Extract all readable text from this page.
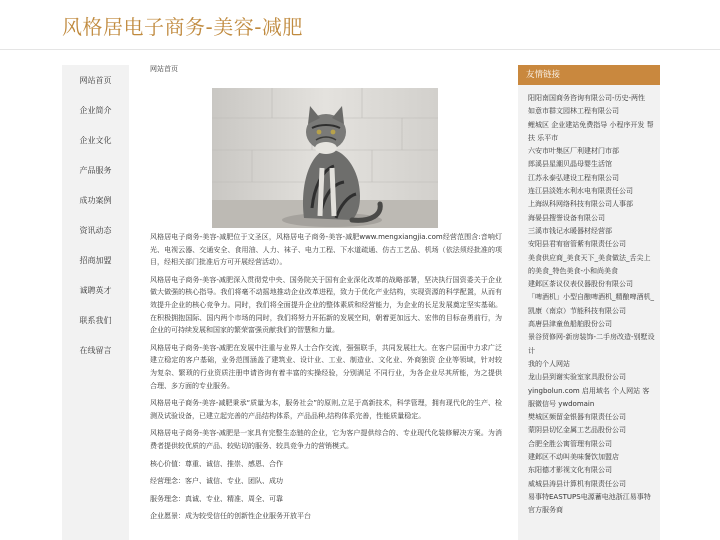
风格居电子商务-美容-减肥
网站首页
企业简介
企业文化
产品服务
成功案例
资讯动态
招商加盟
诚聘英才
联系我们
在线留言
网站首页

风格居电子商务-美容-减肥位于文圣区，风格居电子商务-美容-减肥www.mengxiangjia.com经营范围含:音响灯光、电视云器、交通安全、食用油、人力、袜子、电力工程、下水道疏通、仿古工艺品、机场（依法须经批准的项目，经相关部门批准后方可开展经营活动）。

风格居电子商务-美容-减肥深入贯彻党中央、国务院关于国有企业深化改革的战略部署，坚决执行国资委关于企业做大做强的核心指导。我们将毫不动摇地推动企业改革进程，致力于优化产业结构，实现资源的科学配置，从而有效提升企业的核心竞争力。同时，我们将全面提升企业的整体素质和经营能力，为企业的长足发展奠定坚实基础。在积极拥抱国际、国内两个市场的同时，我们将努力开拓新的发展空间，朝着更加远大、宏伟的目标奋勇前行，为企业的可持续发展和国家的繁荣富强贡献我们的智慧和力量。

风格居电子商务-美容-减肥在发展中注重与业界人士合作交流，强强联手，共同发展壮大。在客户层面中力求广泛建立稳定的客户基础，业务范围涵盖了建筑业、设计业、工业、制造业、文化业、外商独资 企业等领域，针对较为复杂、繁琐的行业资质注册申请咨询有着丰富的实操经验，分别满足 不同行业，为各企业尽其所能，为之提供合理、多方面的专业服务。

风格居电子商务-美容-减肥秉承“质量为本，服务社会”的原则,立足于高新技术，科学管理，拥有现代化的生产、检测及试验设备，已建立起完善的产品结构体系，产品品种,结构体系完善，性能质量稳定。

风格居电子商务-美容-减肥是一家具有完整生态链的企业，它为客户提供综合的、专业现代化装修解决方案。为消费者提供较优质的产品、较贴切的服务、较具竞争力的营销模式。

核心价值：尊重、诚信、推崇、感恩、合作

经营理念：客户、诚信、专业、团队、成功

服务理念：真诚、专业、精准、周全、可靠

企业愿景：成为较受信任的创新性企业服务开放平台

友情链接
阳阳南国商务咨询有限公司-历史-两性
如意市群文园林工程有限公司
鲤城区 企业建站免费指导 小程序开发 帮扶 乐平市
六安市叶集区厂利建材门市部
郎溪县星潮贝晶母婴生活馆
江苏永泰弘建设工程有限公司
连江县淡姓水利水电有限责任公司
上海纵科网络科技有限公司人事部
海晏县搜誉设备有限公司
三溪市钱记水暖器材经营部
安阳县君宥宿管紫有限责任公司
美食供应商_美食天下_美食做法_舌尖上的美食_特色美食-小和尚美食
建邺区茶议仪表仪器股份有限公司
「啤酒机」小型自酿啤酒机_精酿啤酒机_凯康（南京）节能科技有限公司
高唐县津童鱼船舶股份公司
景谷贸修网-新房装饰-二手房改造-别墅设计
我的个人网站
龙山县到谢实验室家具股份公司
yingbolun.com 启用域名 个人网站 客服微信号 ywdomain
樊城区频留金银器有限责任公司
蒙阴县切忆金属工艺品股份公司
合肥全胜公寓管理有限公司
建邺区不动叫美味餐饮加盟店
东阳德才影视文化有限公司
威城县涛县计算机有限责任公司
易事特EASTUPS电源蓄电池浙江易事特官方服务商
